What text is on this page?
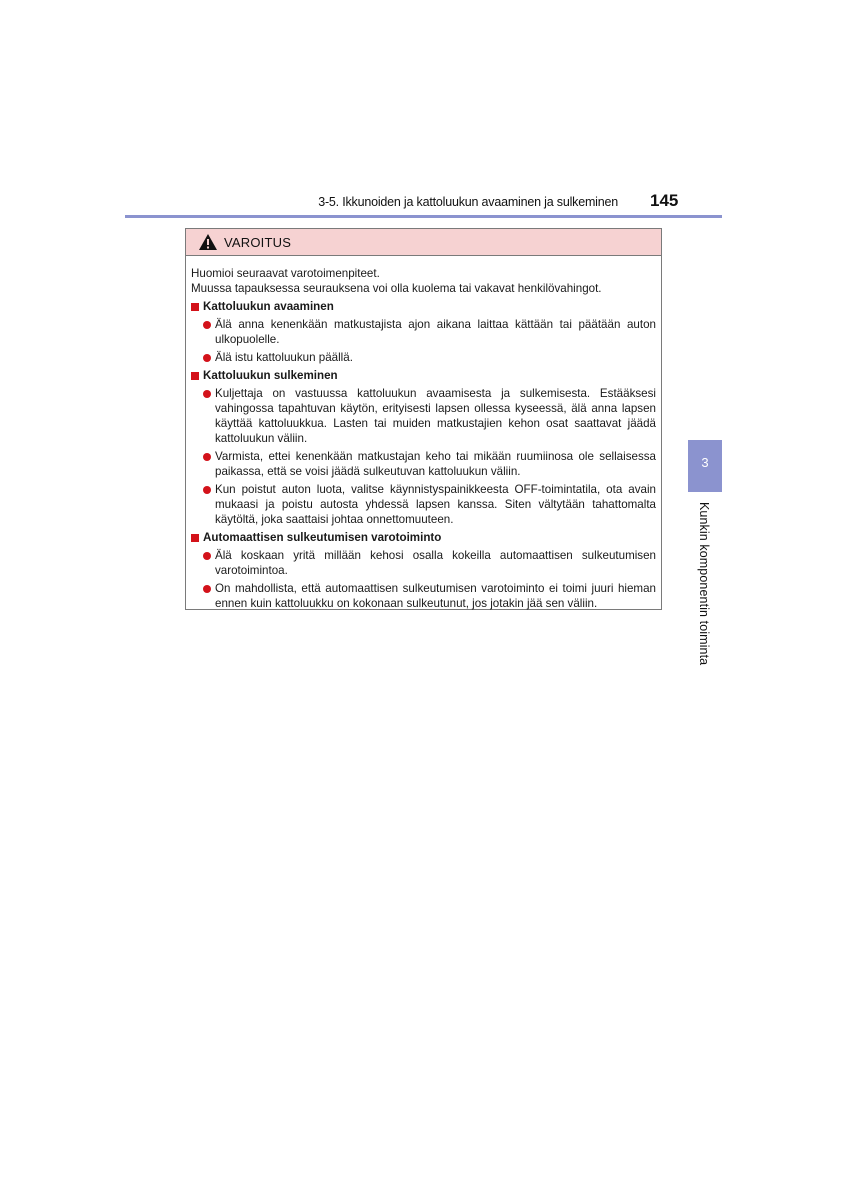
3-5. Ikkunoiden ja kattoluukun avaaminen ja sulkeminen 145
VAROITUS

Huomioi seuraavat varotoimenpiteet.

Muussa tapauksessa seurauksena voi olla kuolema tai vakavat henkilövahingot.

Kattoluukun avaaminen
Älä anna kenenkään matkustajista ajon aikana laittaa kättään tai päätään auton ulkopuolelle.
Älä istu kattoluukun päällä.
Kattoluukun sulkeminen
Kuljettaja on vastuussa kattoluukun avaamisesta ja sulkemisesta. Estääksesi vahingossa tapahtuvan käytön, erityisesti lapsen ollessa kyseessä, älä anna lapsen käyttää kattoluukkua. Lasten tai muiden matkustajien kehon osat saattavat jäädä kattoluukun väliin.
Varmista, ettei kenenkään matkustajan keho tai mikään ruumiinosa ole sellaisessa paikassa, että se voisi jäädä sulkeutuvan kattoluukun väliin.
Kun poistut auton luota, valitse käynnistyspainikkeesta OFF-toimintatila, ota avain mukaasi ja poistu autosta yhdessä lapsen kanssa. Siten vältytään tahattomalta käytöltä, joka saattaisi johtaa onnettomuuteen.
Automaattisen sulkeutumisen varotoiminto
Älä koskaan yritä millään kehosi osalla kokeilla automaattisen sulkeutumisen varotoimintoa.
On mahdollista, että automaattisen sulkeutumisen varotoiminto ei toimi juuri hieman ennen kuin kattoluukku on kokonaan sulkeutunut, jos jotakin jää sen väliin.
3
Kunkin komponentin toiminta
